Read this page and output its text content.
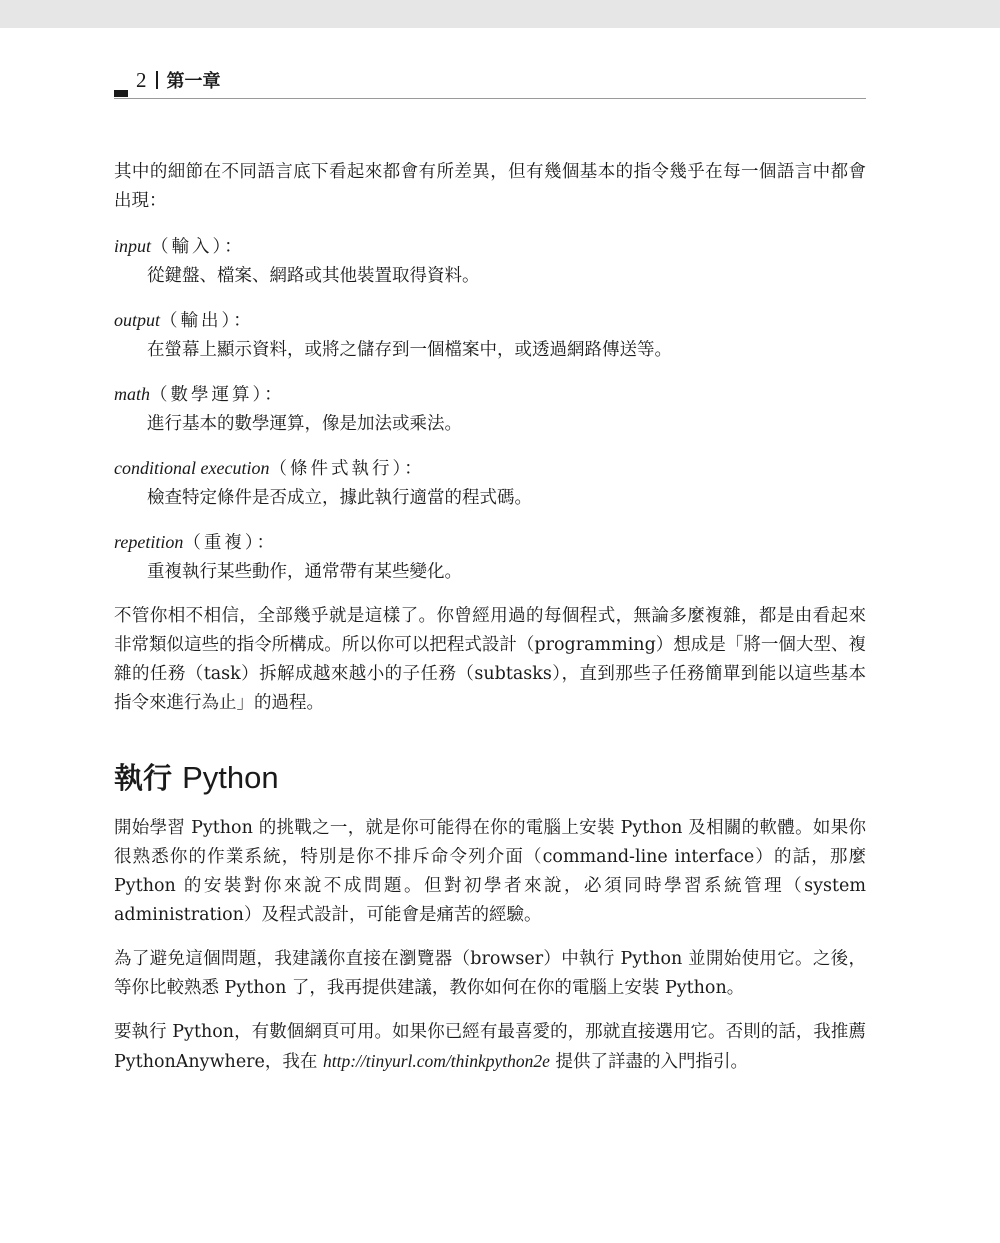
2 第一章

其中的細節在不同語言底下看起來都會有所差異，但有幾個基本的指令幾乎在每一個語言中都會出現：

input（輸入）：
從鍵盤、檔案、網路或其他裝置取得資料。
output（輸出）：
在螢幕上顯示資料，或將之儲存到一個檔案中，或透過網路傳送等。
math（數學運算）：
進行基本的數學運算，像是加法或乘法。
conditional execution（條件式執行）：
檢查特定條件是否成立，據此執行適當的程式碼。
repetition（重複）：
重複執行某些動作，通常帶有某些變化。

不管你相不相信，全部幾乎就是這樣了。你曾經用過的每個程式，無論多麼複雜，都是由看起來非常類似這些的指令所構成。所以你可以把程式設計（programming）想成是「將一個大型、複雜的任務（task）拆解成越來越小的子任務（subtasks），直到那些子任務簡單到能以這些基本指令來進行為止」的過程。

執行 Python

開始學習 Python 的挑戰之一，就是你可能得在你的電腦上安裝 Python 及相關的軟體。如果你很熟悉你的作業系統，特別是你不排斥命令列介面（command-line interface）的話，那麼 Python 的安裝對你來說不成問題。但對初學者來說，必須同時學習系統管理（system administration）及程式設計，可能會是痛苦的經驗。

為了避免這個問題，我建議你直接在瀏覽器（browser）中執行 Python 並開始使用它。之後，等你比較熟悉 Python 了，我再提供建議，教你如何在你的電腦上安裝 Python。

要執行 Python，有數個網頁可用。如果你已經有最喜愛的，那就直接選用它。否則的話，我推薦 PythonAnywhere，我在 http://tinyurl.com/thinkpython2e 提供了詳盡的入門指引。
